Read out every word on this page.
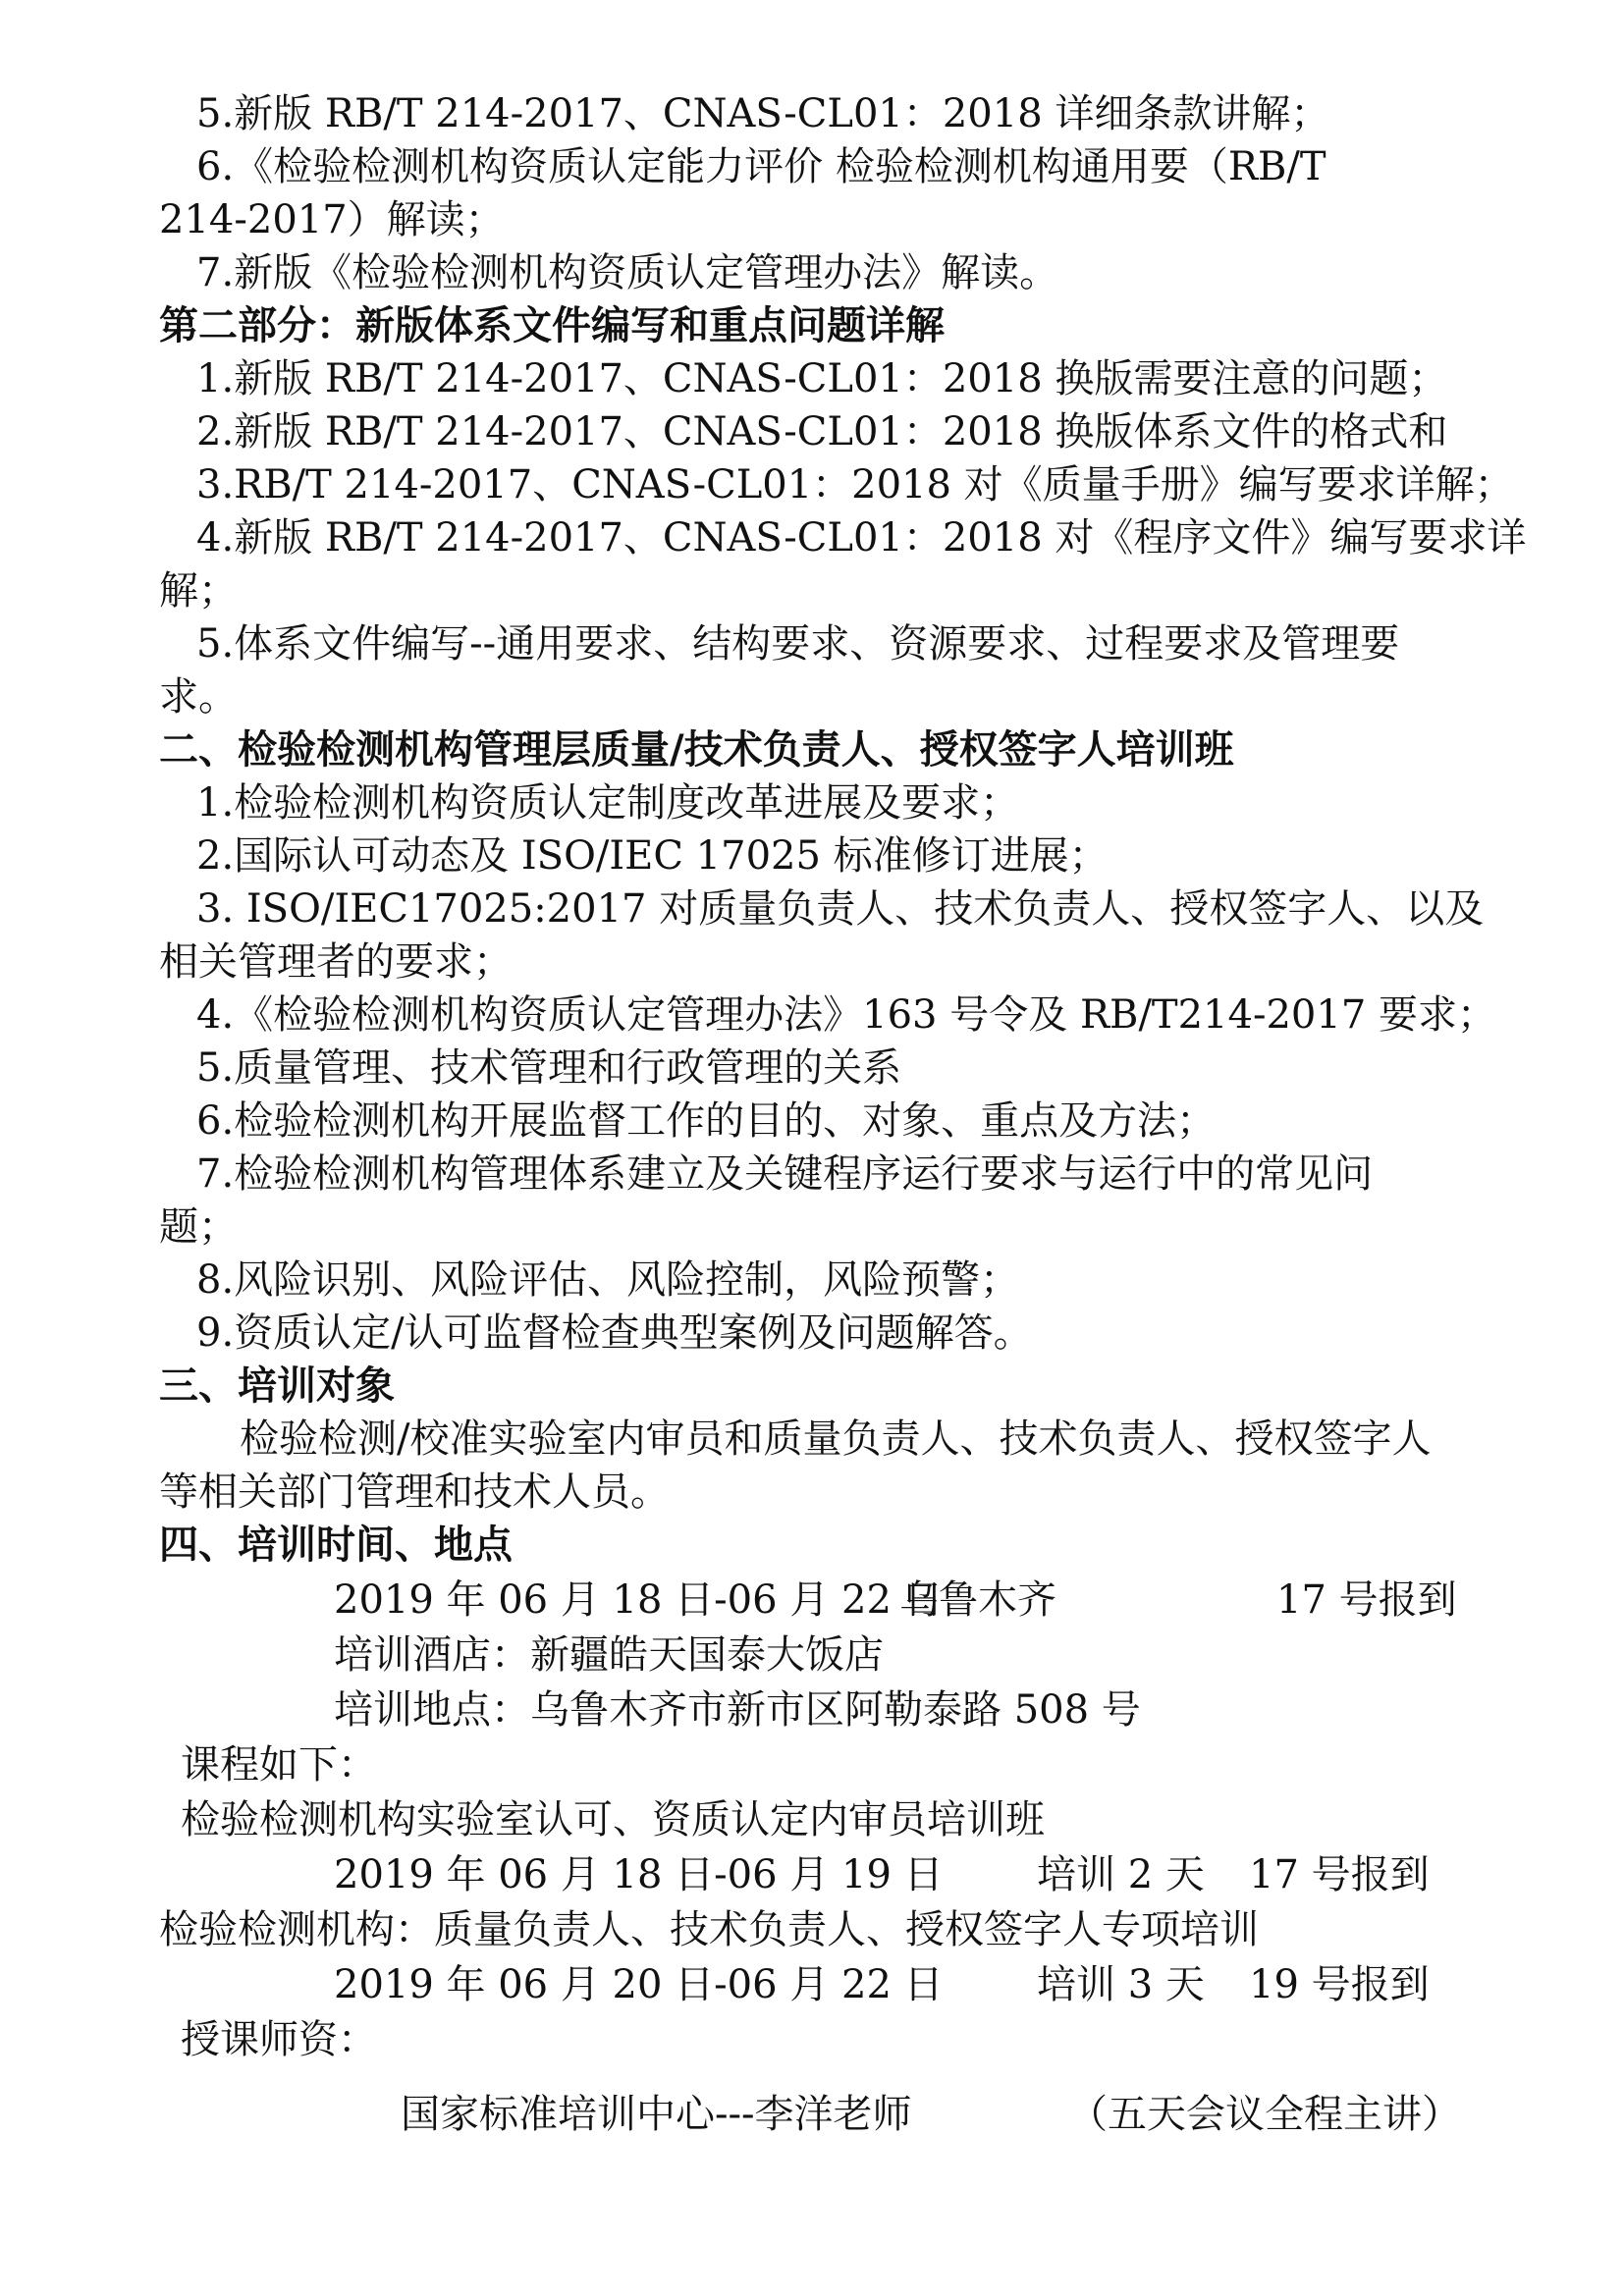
5.新版 RB/T 214-2017、CNAS-CL01：2018 详细条款讲解；
6.《检验检测机构资质认定能力评价 检验检测机构通用要（RB/T
214-2017）解读；
7.新版《检验检测机构资质认定管理办法》解读。
第二部分：新版体系文件编写和重点问题详解
1.新版 RB/T 214-2017、CNAS-CL01：2018 换版需要注意的问题；
2.新版 RB/T 214-2017、CNAS-CL01：2018 换版体系文件的格式和
3.RB/T 214-2017、CNAS-CL01：2018 对《质量手册》编写要求详解；
4.新版 RB/T 214-2017、CNAS-CL01：2018 对《程序文件》编写要求详
解；
5.体系文件编写--通用要求、结构要求、资源要求、过程要求及管理要
求。
二、检验检测机构管理层质量/技术负责人、授权签字人培训班
1.检验检测机构资质认定制度改革进展及要求；
2.国际认可动态及 ISO/IEC 17025 标准修订进展；
3. ISO/IEC17025:2017 对质量负责人、技术负责人、授权签字人、以及
相关管理者的要求；
4.《检验检测机构资质认定管理办法》163 号令及 RB/T214-2017 要求；
5.质量管理、技术管理和行政管理的关系
6.检验检测机构开展监督工作的目的、对象、重点及方法；
7.检验检测机构管理体系建立及关键程序运行要求与运行中的常见问
题；
8.风险识别、风险评估、风险控制，风险预警；
9.资质认定/认可监督检查典型案例及问题解答。
三、培训对象
检验检测/校准实验室内审员和质量负责人、技术负责人、授权签字人
等相关部门管理和技术人员。
四、培训时间、地点
2019 年 06 月 18 日-06 月 22 日
乌鲁木齐	17 号报到
培训酒店：新疆皓天国泰大饭店
培训地点：乌鲁木齐市新市区阿勒泰路 508 号
课程如下：
检验检测机构实验室认可、资质认定内审员培训班
2019 年 06 月 18 日-06 月 19 日 培训 2 天 17 号报到
检验检测机构：质量负责人、技术负责人、授权签字人专项培训
2019 年 06 月 20 日-06 月 22 日 培训 3 天 19 号报到
授课师资：
国家标准培训中心---李洋老师	（五天会议全程主讲）
